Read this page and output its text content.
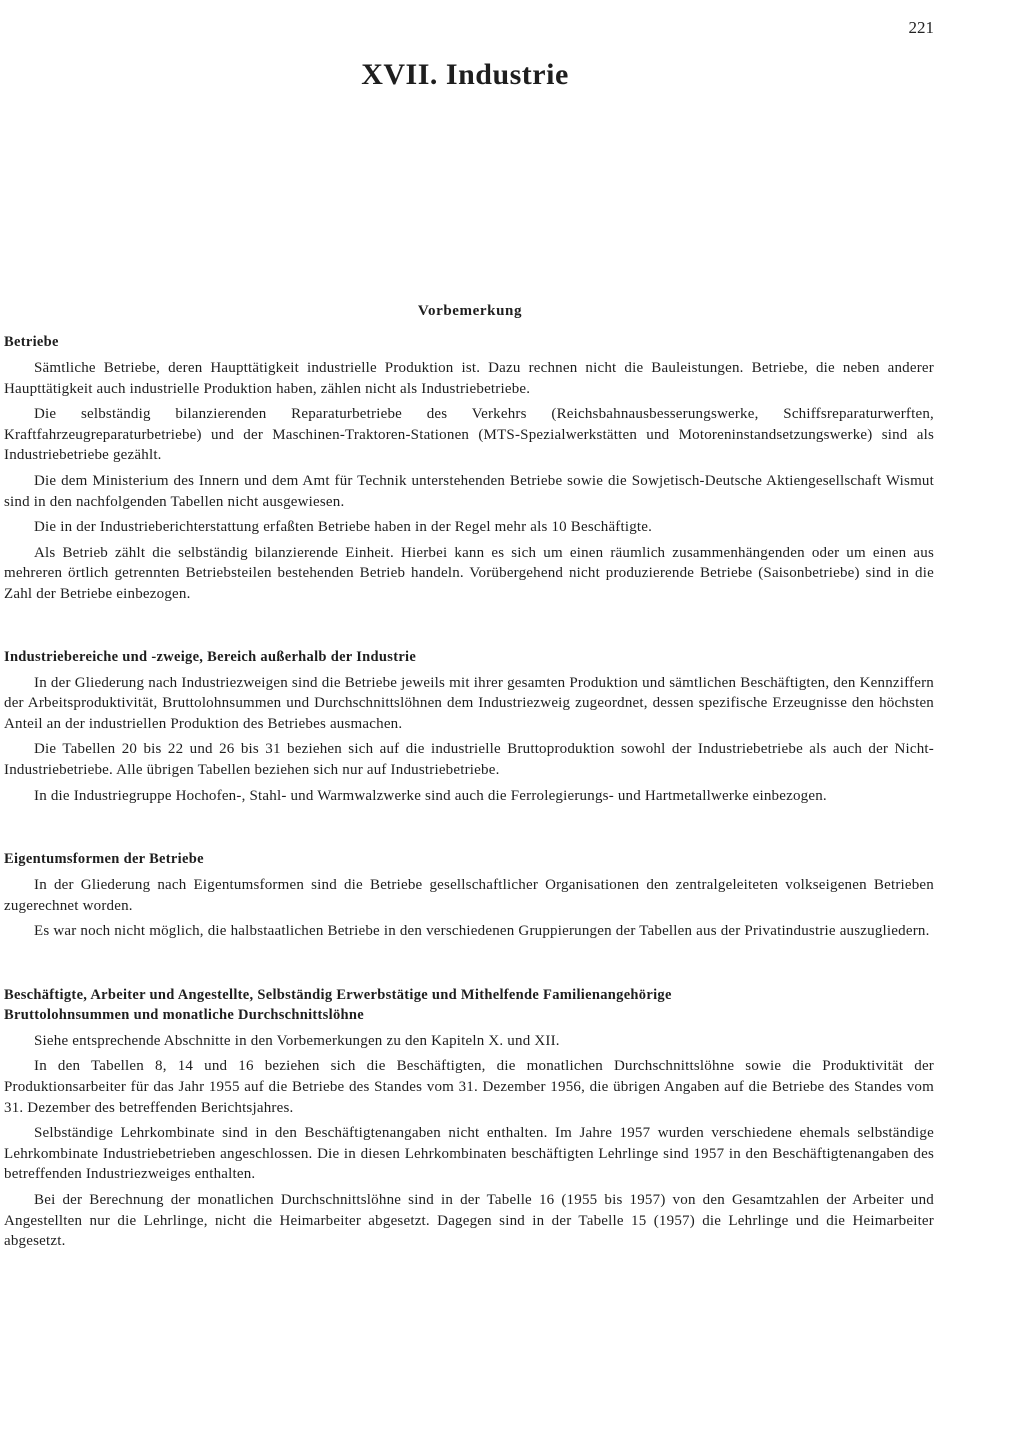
221
XVII. Industrie
Vorbemerkung
Betriebe

Sämtliche Betriebe, deren Haupttätigkeit industrielle Produktion ist. Dazu rechnen nicht die Bauleistungen. Betriebe, die neben anderer Haupttätigkeit auch industrielle Produktion haben, zählen nicht als Industriebetriebe.

Die selbständig bilanzierenden Reparaturbetriebe des Verkehrs (Reichsbahnausbesserungswerke, Schiffsreparaturwerften, Kraftfahrzeugreparaturbetriebe) und der Maschinen-Traktoren-Stationen (MTS-Spezialwerkstätten und Motoreninstandsetzungswerke) sind als Industriebetriebe gezählt.

Die dem Ministerium des Innern und dem Amt für Technik unterstehenden Betriebe sowie die Sowjetisch-Deutsche Aktiengesellschaft Wismut sind in den nachfolgenden Tabellen nicht ausgewiesen.

Die in der Industrieberichterstattung erfaßten Betriebe haben in der Regel mehr als 10 Beschäftigte.

Als Betrieb zählt die selbständig bilanzierende Einheit. Hierbei kann es sich um einen räumlich zusammenhängenden oder um einen aus mehreren örtlich getrennten Betriebsteilen bestehenden Betrieb handeln. Vorübergehend nicht produzierende Betriebe (Saisonbetriebe) sind in die Zahl der Betriebe einbezogen.

Industriebereiche und -zweige, Bereich außerhalb der Industrie

In der Gliederung nach Industriezweigen sind die Betriebe jeweils mit ihrer gesamten Produktion und sämtlichen Beschäftigten, den Kennziffern der Arbeitsproduktivität, Bruttolohnsummen und Durchschnittslöhnen dem Industriezweig zugeordnet, dessen spezifische Erzeugnisse den höchsten Anteil an der industriellen Produktion des Betriebes ausmachen.

Die Tabellen 20 bis 22 und 26 bis 31 beziehen sich auf die industrielle Bruttoproduktion sowohl der Industriebetriebe als auch der Nicht-Industriebetriebe. Alle übrigen Tabellen beziehen sich nur auf Industriebetriebe.

In die Industriegruppe Hochofen-, Stahl- und Warmwalzwerke sind auch die Ferrolegierungs- und Hartmetallwerke einbezogen.

Eigentumsformen der Betriebe

In der Gliederung nach Eigentumsformen sind die Betriebe gesellschaftlicher Organisationen den zentralgeleiteten volkseigenen Betrieben zugerechnet worden.

Es war noch nicht möglich, die halbstaatlichen Betriebe in den verschiedenen Gruppierungen der Tabellen aus der Privatindustrie auszugliedern.

Beschäftigte, Arbeiter und Angestellte, Selbständig Erwerbstätige und Mithelfende Familienangehörige
Bruttolohnsummen und monatliche Durchschnittslöhne

Siehe entsprechende Abschnitte in den Vorbemerkungen zu den Kapiteln X. und XII.

In den Tabellen 8, 14 und 16 beziehen sich die Beschäftigten, die monatlichen Durchschnittslöhne sowie die Produktivität der Produktionsarbeiter für das Jahr 1955 auf die Betriebe des Standes vom 31. Dezember 1956, die übrigen Angaben auf die Betriebe des Standes vom 31. Dezember des betreffenden Berichtsjahres.

Selbständige Lehrkombinate sind in den Beschäftigtenangaben nicht enthalten. Im Jahre 1957 wurden verschiedene ehemals selbständige Lehrkombinate Industriebetrieben angeschlossen. Die in diesen Lehrkombinaten beschäftigten Lehrlinge sind 1957 in den Beschäftigtenangaben des betreffenden Industriezweiges enthalten.

Bei der Berechnung der monatlichen Durchschnittslöhne sind in der Tabelle 16 (1955 bis 1957) von den Gesamtzahlen der Arbeiter und Angestellten nur die Lehrlinge, nicht die Heimarbeiter abgesetzt. Dagegen sind in der Tabelle 15 (1957) die Lehrlinge und die Heimarbeiter abgesetzt.
